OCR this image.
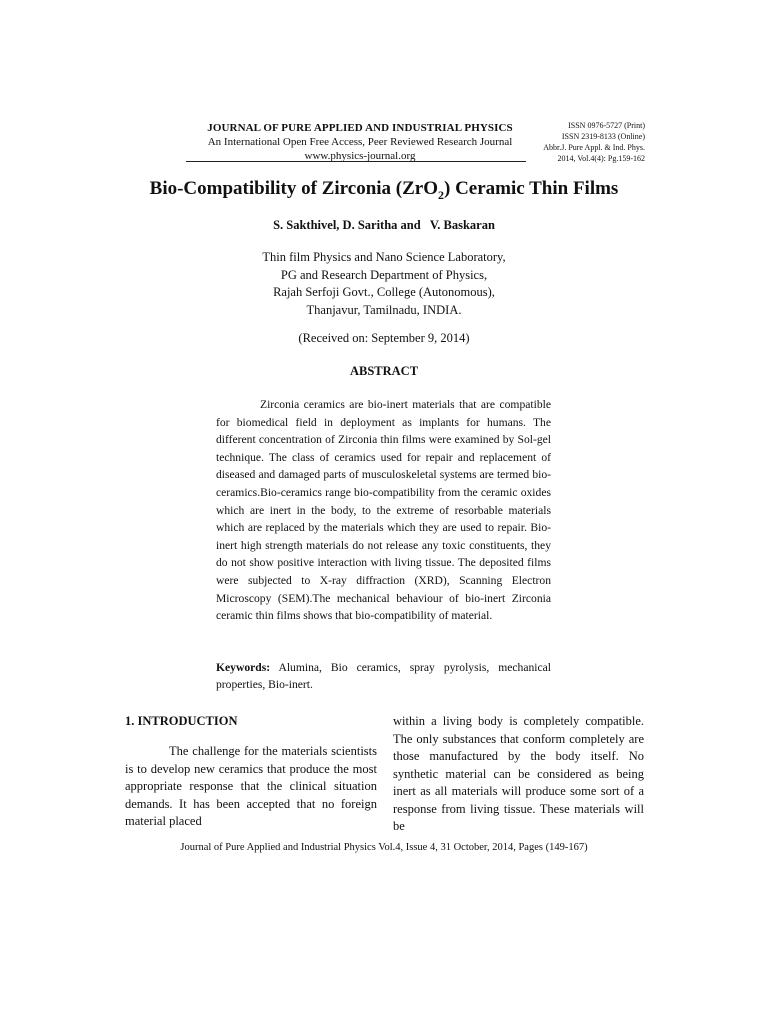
JOURNAL OF PURE APPLIED AND INDUSTRIAL PHYSICS
An International Open Free Access, Peer Reviewed Research Journal
www.physics-journal.org
ISSN 0976-5727 (Print)
ISSN 2319-8133 (Online)
Abbr.J. Pure Appl. & Ind. Phys.
2014, Vol.4(4): Pg.159-162
Bio-Compatibility of Zirconia (ZrO$_2$) Ceramic Thin Films
S. Sakthivel, D. Saritha and   V. Baskaran
Thin film Physics and Nano Science Laboratory,
PG and Research Department of Physics,
Rajah Serfoji Govt., College (Autonomous),
Thanjavur, Tamilnadu, INDIA.
(Received on: September 9, 2014)
ABSTRACT

Zirconia ceramics are bio-inert materials that are compatible for biomedical field in deployment as implants for humans. The different concentration of Zirconia thin films were examined by Sol-gel technique. The class of ceramics used for repair and replacement of diseased and damaged parts of musculoskeletal systems are termed bio- ceramics.Bio-ceramics range bio-compatibility from the ceramic oxides which are inert in the body, to the extreme of resorbable materials which are replaced by the materials which they are used to repair. Bio-inert high strength materials do not release any toxic constituents, they do not show positive interaction with living tissue. The deposited films were subjected to X-ray diffraction (XRD), Scanning Electron Microscopy (SEM).The mechanical behaviour of bio-inert Zirconia ceramic thin films shows that bio-compatibility of material.

Keywords: Alumina, Bio ceramics, spray pyrolysis, mechanical properties, Bio-inert.
1. INTRODUCTION

The challenge for the materials scientists is to develop new ceramics that produce the most appropriate response that the clinical situation demands. It has been accepted that no foreign material placed

within a living body is completely compatible. The only substances that conform completely are those manufactured by the body itself. No synthetic material can be considered as being inert as all materials will produce some sort of a response from living tissue. These materials will be

Journal of Pure Applied and Industrial Physics Vol.4, Issue 4, 31 October, 2014, Pages (149-167)
